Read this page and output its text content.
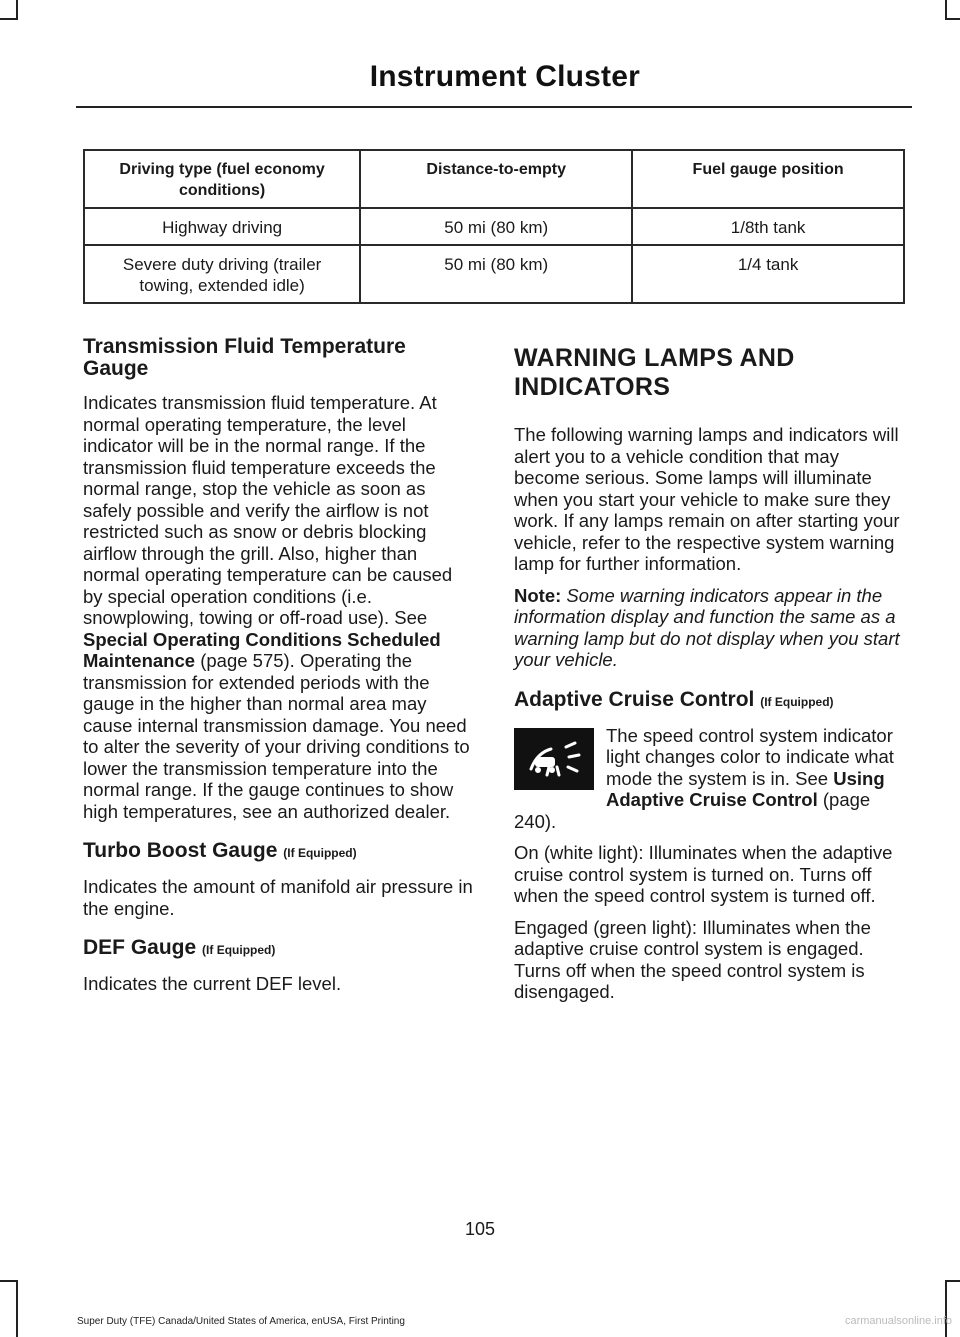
Instrument Cluster
Driving type (fuel economy conditions)	Distance-to-empty	Fuel gauge position
Highway driving	50 mi (80 km)	1/8th tank
Severe duty driving (trailer towing, extended idle)	50 mi (80 km)	1/4 tank
Transmission Fluid Temperature Gauge

Indicates transmission fluid temperature. At normal operating temperature, the level indicator will be in the normal range. If the transmission fluid temperature exceeds the normal range, stop the vehicle as soon as safely possible and verify the airflow is not restricted such as snow or debris blocking airflow through the grill. Also, higher than normal operating temperature can be caused by special operation conditions (i.e. snowplowing, towing or off-road use). See Special Operating Conditions Scheduled Maintenance (page 575). Operating the transmission for extended periods with the gauge in the higher than normal area may cause internal transmission damage. You need to alter the severity of your driving conditions to lower the transmission temperature into the normal range. If the gauge continues to show high temperatures, see an authorized dealer.

Turbo Boost Gauge (If Equipped)

Indicates the amount of manifold air pressure in the engine.

DEF Gauge (If Equipped)

Indicates the current DEF level.

WARNING LAMPS AND INDICATORS

The following warning lamps and indicators will alert you to a vehicle condition that may become serious. Some lamps will illuminate when you start your vehicle to make sure they work. If any lamps remain on after starting your vehicle, refer to the respective system warning lamp for further information.

Note: Some warning indicators appear in the information display and function the same as a warning lamp but do not display when you start your vehicle.

Adaptive Cruise Control (If Equipped)

The speed control system indicator light changes color to indicate what mode the system is in. See Using Adaptive Cruise Control (page 240).

On (white light): Illuminates when the adaptive cruise control system is turned on. Turns off when the speed control system is turned off.

Engaged (green light): Illuminates when the adaptive cruise control system is engaged. Turns off when the speed control system is disengaged.

105
Super Duty (TFE) Canada/United States of America, enUSA, First Printing	carmanualsonline.info
